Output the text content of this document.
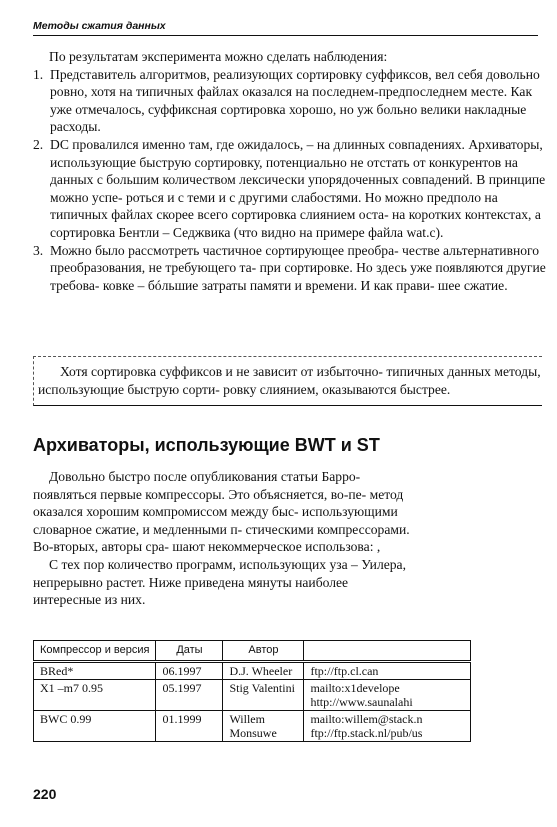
Методы сжатия данных

По результатам эксперимента можно сделать наблюдения:

1. Представитель алгоритмов, реализующих сортировку суффиксов, вел себя довольно ровно, хотя на типичных файлах оказался на последнем-предпоследнем месте. Как уже отмечалось, суффиксная сортировка хорошо, но уж больно велики накладные расходы.
2. DC провалился именно там, где ожидалось, – на длинных совпадениях. Архиваторы, использующие быструю сортировку, потенциально не отстать от конкурентов на данных с большим количеством лексически упорядоченных совпадений. В принципе можно успе- роться и с теми и с другими слабостями. Но можно предполо на типичных файлах скорее всего сортировка слиянием оста- на коротких контекстах, а сортировка Бентли – Седжвика (что видно на примере файла wat.c).
3. Можно было рассмотреть частичное сортирующее преобра- честве альтернативного преобразования, не требующего та- при сортировке. Но здесь уже появляются другие требова- ковке – бóльшие затраты памяти и времени. И как прави- шее сжатие.

Хотя сортировка суффиксов и не зависит от избыточно- типичных данных методы, использующие быструю сорти- ровку слиянием, оказываются быстрее.

Архиваторы, использующие BWT и ST

Довольно быстро после опубликования статьи Барро- появляться первые компрессоры. Это объясняется, во-пе- метод оказался хорошим компромиссом между быс- использующими словарное сжатие, и медленными п- стическими компрессорами. Во-вторых, авторы сра- шают некоммерческое использова: ,

С тех пор количество программ, использующих уза – Уилера, непрерывно растет. Ниже приведена мянуты наиболее интересные из них.

Компрессор и версия	Даты	Автор	
BRed*	06.1997	D.J. Wheeler	ftp://ftp.cl.can

X1 –m7 0.95	05.1997	Stig Valentini	mailto:x1develope
http://www.saunalahi

BWC 0.99	01.1999	Willem Monsuwe	mailto:willem@stack.n
ftp://ftp.stack.nl/pub/us
220
